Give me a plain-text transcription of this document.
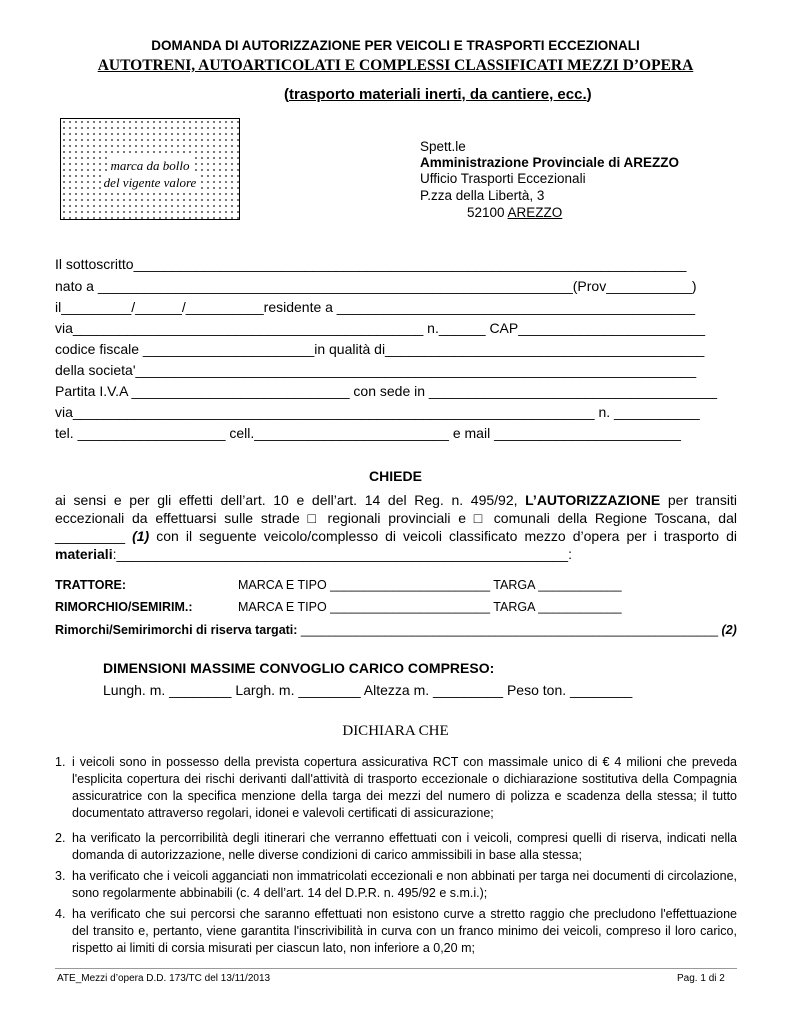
DOMANDA DI AUTORIZZAZIONE PER VEICOLI E TRASPORTI ECCEZIONALI
AUTOTRENI, AUTOARTICOLATI E COMPLESSI CLASSIFICATI MEZZI D’OPERA
(trasporto materiali inerti, da cantiere, ecc.)
marca da bollo
del vigente valore
Spett.le
Amministrazione Provinciale di AREZZO
Ufficio Trasporti Eccezionali
P.zza della Libertà, 3
52100 AREZZO
Il sottoscritto_______________________________________________________________________
nato a _____________________________________________________________(Prov___________)
il_________/______/__________residente a ______________________________________________
via_____________________________________________ n.______ CAP________________________
codice fiscale ______________________in qualità di_________________________________________
della societa'________________________________________________________________________
Partita I.V.A ____________________________ con sede in _____________________________________
via___________________________________________________________________ n. ___________
tel. ___________________ cell._________________________ e mail ________________________
CHIEDE
ai sensi e per gli effetti dell’art. 10 e dell’art. 14 del Reg. n. 495/92, L’AUTORIZZAZIONE per transiti eccezionali da effettuarsi sulle strade □ regionali provinciali e □ comunali della Regione Toscana, dal _________ (1) con il seguente veicolo/complesso di veicoli classificato mezzo d’opera per i trasporto di materiali:__________________________________________________________:
TRATTORE:	MARCA E TIPO _______________________ TARGA ____________
RIMORCHIO/SEMIRIM.:	MARCA E TIPO _______________________ TARGA ____________
Rimorchi/Semirimorchi di riserva targati: ____________________________________________________________ (2)
DIMENSIONI MASSIME CONVOGLIO CARICO COMPRESO:
Lungh. m. ________ Largh. m. ________ Altezza m. _________ Peso ton. ________
DICHIARA CHE
1. i veicoli sono in possesso della prevista copertura assicurativa RCT con massimale unico di € 4 milioni che preveda l'esplicita copertura dei rischi derivanti dall'attività di trasporto eccezionale o dichiarazione sostitutiva della Compagnia assicuratrice con la specifica menzione della targa dei mezzi del numero di polizza e scadenza della stessa; il tutto documentato attraverso regolari, idonei e valevoli certificati di assicurazione;
2. ha verificato la percorribilità degli itinerari che verranno effettuati con i veicoli, compresi quelli di riserva, indicati nella domanda di autorizzazione, nelle diverse condizioni di carico ammissibili in base alla stessa;
3. ha verificato che i veicoli agganciati non immatricolati eccezionali e non abbinati per targa nei documenti di circolazione, sono regolarmente abbinabili (c. 4 dell’art. 14 del D.P.R. n. 495/92 e s.m.i.);
4. ha verificato che sui percorsi che saranno effettuati non esistono curve a stretto raggio che precludono l'effettuazione del transito e, pertanto, viene garantita l'inscrivibilità in curva con un franco minimo dei veicoli, compreso il loro carico, rispetto ai limiti di corsia misurati per ciascun lato, non inferiore a 0,20 m;
ATE_Mezzi d’opera D.D. 173/TC del 13/11/2013	Pag. 1 di 2
